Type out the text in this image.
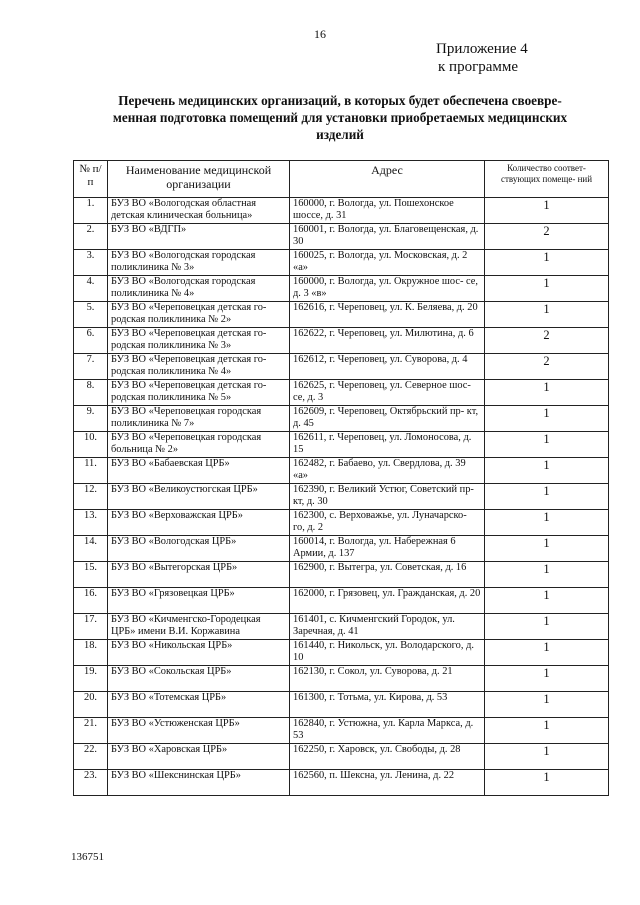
16
Приложение 4
к программе
Перечень медицинских организаций, в которых будет обеспечена своевре-
менная подготовка помещений для установки приобретаемых медицинских
изделий
№ п/п	Наименование медицинской организации	Адрес	Количество соответ- ствующих помеще- ний
1.	БУЗ ВО «Вологодская областная детская клиническая больница»	160000, г. Вологда, ул. Пошехонское шоссе, д. 31	1
2.	БУЗ ВО «ВДГП»	160001, г. Вологда, ул. Благовещенская, д. 30	2
3.	БУЗ ВО «Вологодская городская поликлиника № 3»	160025, г. Вологда, ул. Московская, д. 2 «а»	1
4.	БУЗ ВО «Вологодская городская поликлиника № 4»	160000, г. Вологда, ул. Окружное шос- се, д. 3 «в»	1
5.	БУЗ ВО «Череповецкая детская го- родская поликлиника № 2»	162616, г. Череповец, ул. К. Беляева, д. 20	1
6.	БУЗ ВО «Череповецкая детская го- родская поликлиника № 3»	162622, г. Череповец, ул. Милютина, д. 6	2
7.	БУЗ ВО «Череповецкая детская го- родская поликлиника № 4»	162612, г. Череповец, ул. Суворова, д. 4	2
8.	БУЗ ВО «Череповецкая детская го- родская поликлиника № 5»	162625, г. Череповец, ул. Северное шос- се, д. 3	1
9.	БУЗ ВО «Череповецкая городская поликлиника № 7»	162609, г. Череповец, Октябрьский пр- кт, д. 45	1
10.	БУЗ ВО «Череповецкая городская больница № 2»	162611, г. Череповец, ул. Ломоносова, д. 15	1
11.	БУЗ ВО «Бабаевская ЦРБ»	162482, г. Бабаево, ул. Свердлова, д. 39 «а»	1
12.	БУЗ ВО «Великоустюгская ЦРБ»	162390, г. Великий Устюг, Советский пр-кт, д. 30	1
13.	БУЗ ВО «Верховажская ЦРБ»	162300, с. Верховажье, ул. Луначарско- го, д. 2	1
14.	БУЗ ВО «Вологодская ЦРБ»	160014, г. Вологда, ул. Набережная 6 Армии, д. 137	1
15.	БУЗ ВО «Вытегорская ЦРБ»	162900, г. Вытегра, ул. Советская, д. 16	1
16.	БУЗ ВО «Грязовецкая ЦРБ»	162000, г. Грязовец, ул. Гражданская, д. 20	1
17.	БУЗ ВО «Кичменгско-Городецкая ЦРБ» имени В.И. Коржавина	161401, с. Кичменгский Городок, ул. Заречная, д. 41	1
18.	БУЗ ВО «Никольская ЦРБ»	161440, г. Никольск, ул. Володарского, д. 10	1
19.	БУЗ ВО «Сокольская ЦРБ»	162130, г. Сокол, ул. Суворова, д. 21	1
20.	БУЗ ВО «Тотемская ЦРБ»	161300, г. Тотьма, ул. Кирова, д. 53	1
21.	БУЗ ВО «Устюженская ЦРБ»	162840, г. Устюжна, ул. Карла Маркса, д. 53	1
22.	БУЗ ВО «Харовская ЦРБ»	162250, г. Харовск, ул. Свободы, д. 28	1
23.	БУЗ ВО «Шекснинская ЦРБ»	162560, п. Шексна, ул. Ленина, д. 22	1
136751
